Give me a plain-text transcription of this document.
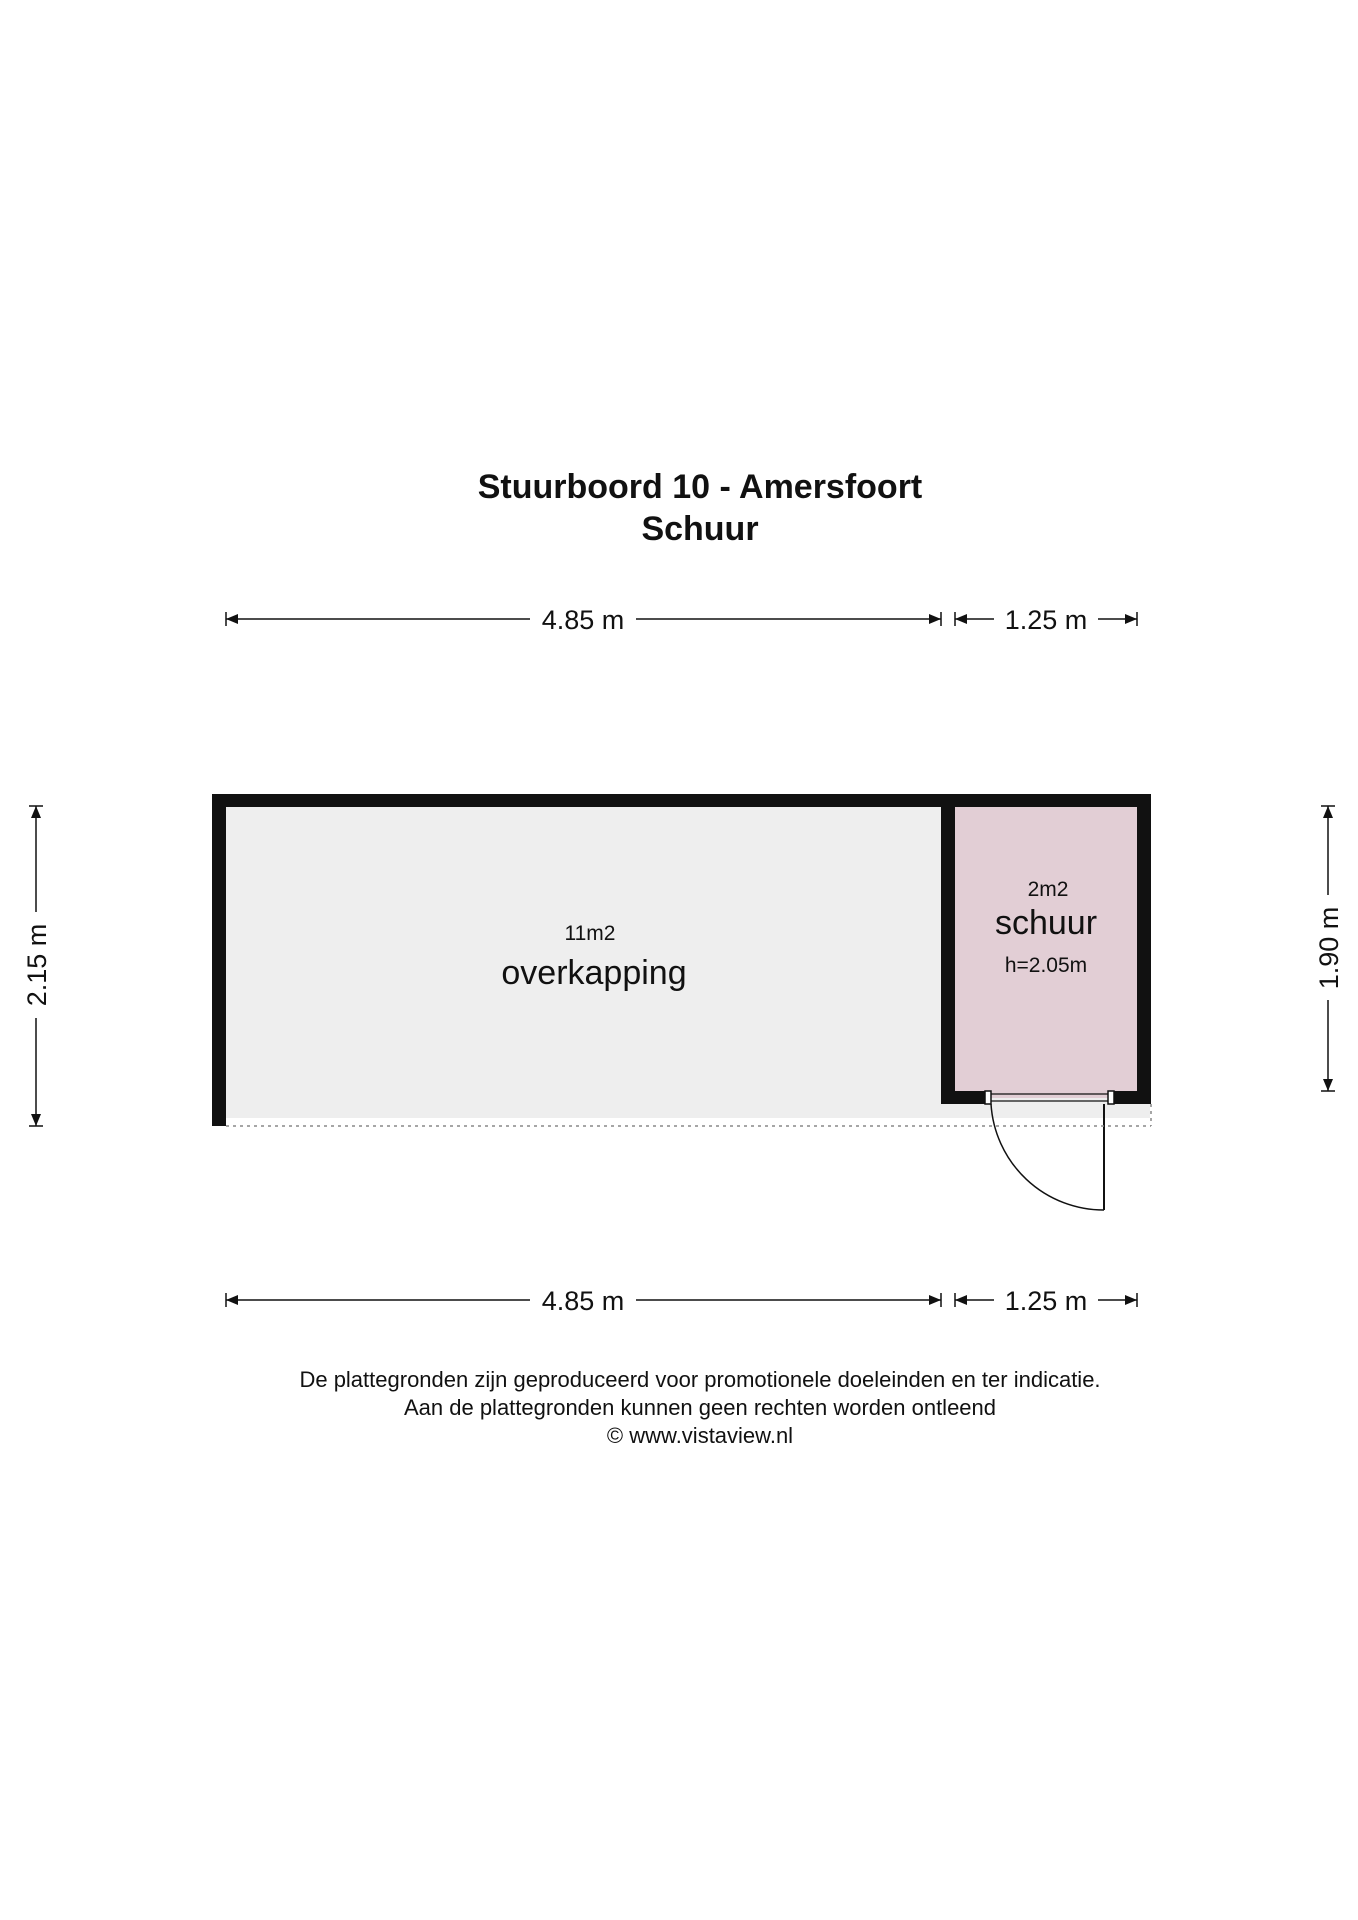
Stuurboord 10 - Amersfoort
Schuur
11m2
overkapping
2m2
schuur
h=2.05m
4.85 m	1.25 m
4.85 m	1.25 m
2.15 m	1.90 m
De plattegronden zijn geproduceerd voor promotionele doeleinden en ter indicatie.
Aan de plattegronden kunnen geen rechten worden ontleend
© www.vistaview.nl
